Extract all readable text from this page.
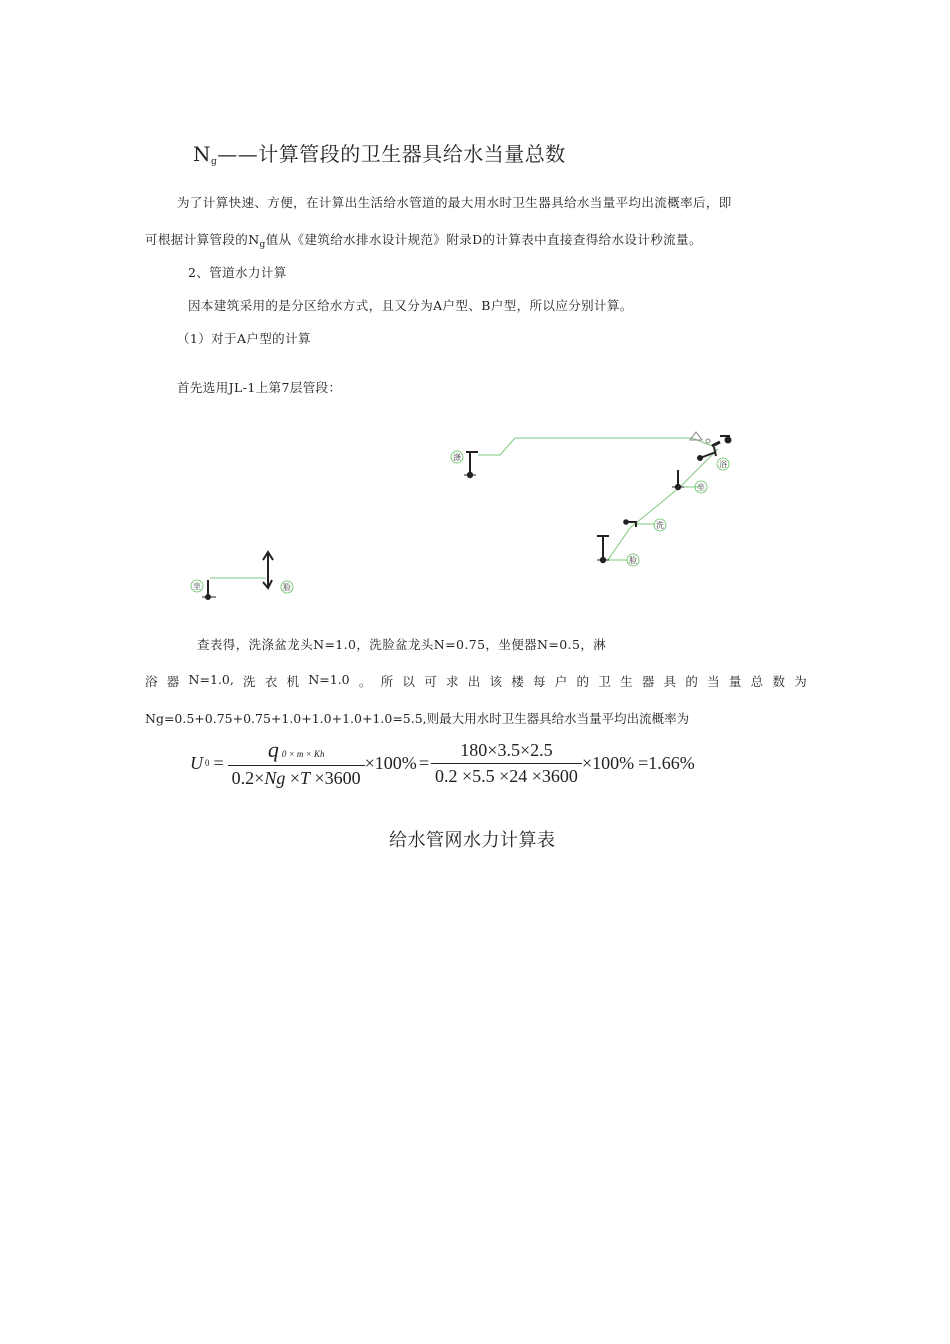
$N_g——$计算管段的卫生器具给水当量总数
为了计算快速、方便，在计算出生活给水管道的最大用水时卫生器具给水当量平均出流概率后，即
可根据计算管段的$N_g$值从《建筑给水排水设计规范》附录D的计算表中直接查得给水设计秒流量。
2、管道水力计算
因本建筑采用的是分区给水方式，且又分为A户型、B户型，所以应分别计算。
（1）对于A户型的计算
首先选用JL-1上第7层管段：
涤
浴
坐
洗
脸
坐	脸
查表得，洗涤盆龙头N=1.0，洗脸盆龙头N=0.75，坐便器N=0.5，淋
浴 器 N=1.0, 洗 衣 机 N=1.0 。 所 以 可 求 出 该 楼 每 户 的 卫 生 器 具 的 当 量 总 数 为
Ng=0.5+0.75+0.75+1.0+1.0+1.0+1.0=5.5,则最大用水时卫生器具给水当量平均出流概率为
U $0 = \frac{q 0 \times m \times Kh}{0.2\times Ng \times T \times 3600} \times 100\% = \frac{180\times 3.5\times 2.5}{0.2 \times 5.5 \times 24 \times 3600} \times 100\% =1.66\%$
给水管网水力计算表
